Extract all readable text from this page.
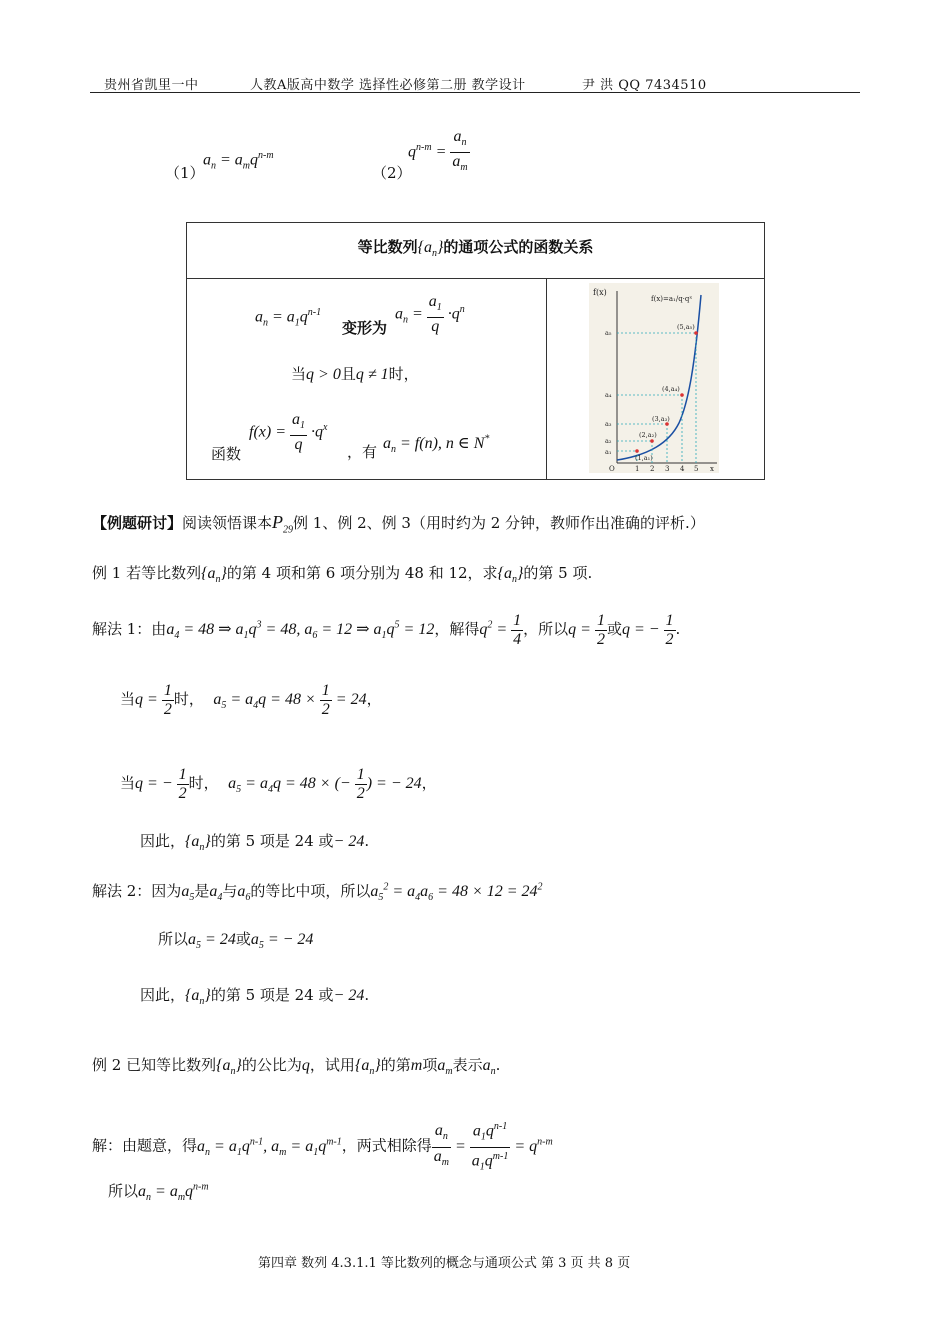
贵州省凯里一中	人教A版高中数学 选择性必修第二册 教学设计	尹 洪 QQ 7434510
（1）
$a_n = a_mq^{n-m}$
（2）
$q^{n-m} = \frac{a_n}{a_m}$
等比数列$\{a_n\}$的通项公式的函数关系

$a_n = a_1q^{n-1}$
变形为
$a_n = \frac{a_1}{q} \cdot q^n$
当q > 0且q ≠ 1时，
$f(x) = \frac{a_1}{q} \cdot q^x$
函数	，有 $a_n = f(n)$, n ∈ N*

f(x)
f(x)=a₁/q·qˣ
(1,a₁)
(2,a₂)
(3,a₃)
(4,a₄)
(5,a₅)
a₁
a₂
a₃
a₄
a₅
O	1 2 3 4 5 x
【例题研讨】阅读领悟课本$P_{29}$例 1、例 2、例 3（用时约为 2 分钟，教师作出准确的评析.）
例 1 若等比数列$\{a_n\}$的第 4 项和第 6 项分别为 48 和 12，求$\{a_n\}$的第 5 项.
解法 1：由$a_4 = 48$ ⇒ $a_1q^3 = 48$, $a_6 = 12$ ⇒ $a_1q^5 = 12$，解得$q^2 = \frac{1}{4}$ ，所以$q = \frac{1}{2}$ 或q = − $\frac{1}{2}$ .
当$q = \frac{1}{2}$ 时， $a_5 = a_4q = 48 \times \frac{1}{2} = 24$，
当q = − $\frac{1}{2}$ 时， $a_5 = a_4q = 48$ × (− $\frac{1}{2}$ ) = − 24，
因此，$\{a_n\}$的第 5 项是 24 或− 24.
解法 2：因为$a_5$是$a_4$与$a_6$的等比中项，所以$a_5^2 = a_4a_6 = 48 \times 12 = 24^2$
所以$a_5 = 24$或$a_5$ = − 24
因此，$\{a_n\}$的第 5 项是 24 或− 24.
例 2 已知等比数列$\{a_n\}$的公比为q，试用$\{a_n\}$的第m项$a_m$表示$a_n$.
解：由题意，得$a_n = a_1q^{n-1}$, $a_m = a_1q^{m-1}$，两式相除得 $\frac{a_n}{a_m} = \frac{a_1q^{n-1}}{a_1q^{m-1}} = q^{n-m}$
所以$a_n = a_mq^{n-m}$
第四章 数列 4.3.1.1 等比数列的概念与通项公式 第 3 页 共 8 页
